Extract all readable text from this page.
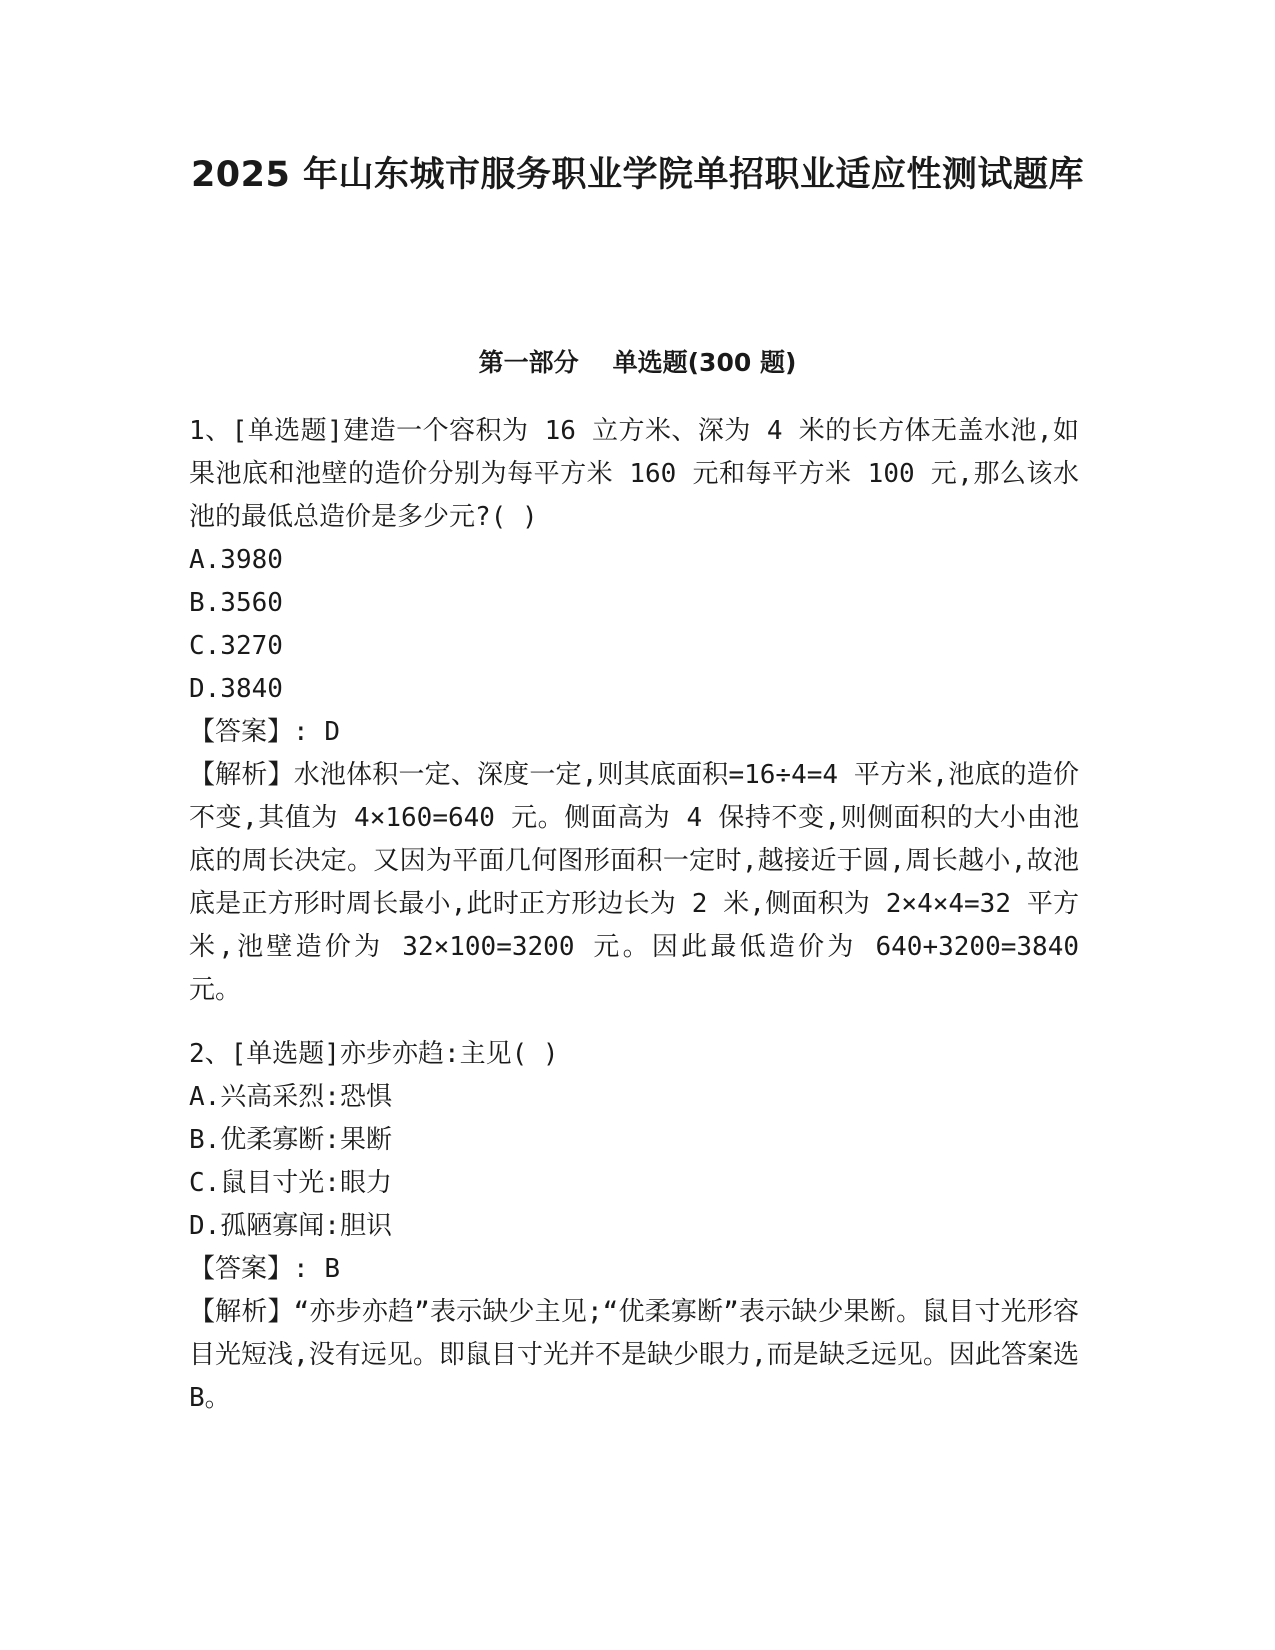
2025 年山东城市服务职业学院单招职业适应性测试题库
第一部分 单选题(300 题)

1、[单选题]建造一个容积为 16 立方米、深为 4 米的长方体无盖水池,如果池底和池壁的造价分别为每平方米 160 元和每平方米 100 元,那么该水池的最低总造价是多少元?( )

A.3980

B.3560

C.3270

D.3840

【答案】: D

【解析】水池体积一定、深度一定,则其底面积=16÷4=4 平方米,池底的造价不变,其值为 4×160=640 元。侧面高为 4 保持不变,则侧面积的大小由池底的周长决定。又因为平面几何图形面积一定时,越接近于圆,周长越小,故池底是正方形时周长最小,此时正方形边长为 2 米,侧面积为 2×4×4=32 平方米,池壁造价为 32×100=3200 元。因此最低造价为 640+3200=3840 元。

2、[单选题]亦步亦趋:主见( )

A.兴高采烈:恐惧

B.优柔寡断:果断

C.鼠目寸光:眼力

D.孤陋寡闻:胆识

【答案】: B

【解析】“亦步亦趋”表示缺少主见;“优柔寡断”表示缺少果断。鼠目寸光形容目光短浅,没有远见。即鼠目寸光并不是缺少眼力,而是缺乏远见。因此答案选 B。
